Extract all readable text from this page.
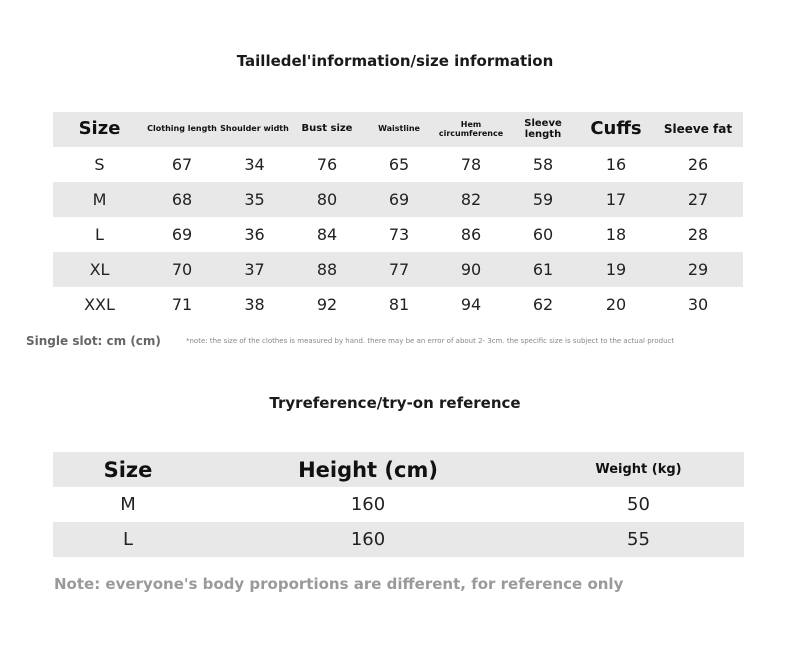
Tailledel'information/size information
Size	Clothing length	Shoulder width	Bust size	Waistline	Hem circumference	Sleeve length	Cuffs	Sleeve fat
S	67	34	76	65	78	58	16	26
M	68	35	80	69	82	59	17	27
L	69	36	84	73	86	60	18	28
XL	70	37	88	77	90	61	19	29
XXL	71	38	92	81	94	62	20	30
Single slot: cm (cm)	*note: the size of the clothes is measured by hand. there may be an error of about 2- 3cm. the specific size is subject to the actual product
Tryreference/try-on reference
Size	Height (cm)	Weight (kg)
M	160	50
L	160	55
Note: everyone's body proportions are different, for reference only
